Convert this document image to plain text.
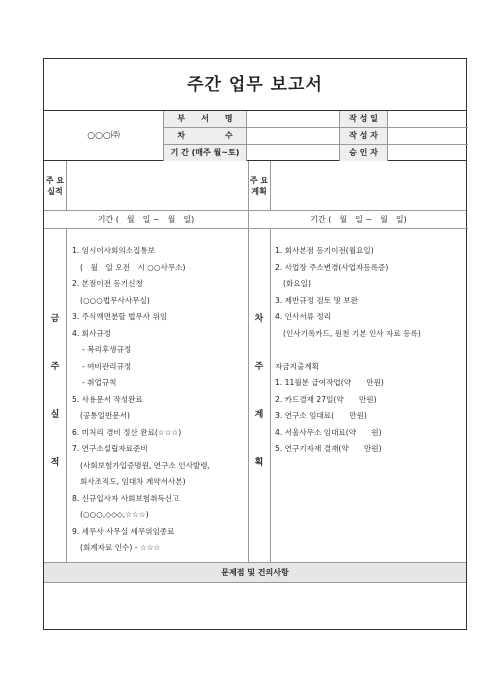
주간 업무 보고서
○○○㈜
부　　서　　명	작 성 일
차　　　　　수	작 성 자
기 간 (매주 월~토)	승 인 자
주 요
실적
주 요
계획
기간 (　월　일 ~　월　일)	기간 (　월　일 ~　월　일)
금
주
실
적
1. 임시이사회의소집통보
(　월　일 오전　시 ○○사무소)
2. 본점이전 등기신청
(○○○법무사사무실)
3. 주식액면분할 법무사 위임
4. 회사규정
- 복리후생규정
- 여비관리규정
- 취업규칙
5. 사용문서 작성완료
(공통일반문서)
6. 미처리 경비 정산 완료(☆☆☆)
7. 연구소설립자료준비
(사회보험가입증명원, 연구소 인사발령,
회사조직도, 임대차 계약서사본)
8. 신규입사자 사회보험취득신고
(○○○,◇◇◇,☆☆☆)
9. 세무사 사무실 세무위임종료
(회계자료 인수) - ☆☆☆
차
주
계
획
1. 회사본점 등기이전(월요일)
2. 사업장 주소변경(사업자등록증)
(화요일)
3. 제반규정 검토 및 보완
4. 인사서류 정리
(인사기록카드, 원천 기본 인사 자료 등록)
자금지출계획
1. 11월분 급여작업(약　　만원)
2. 카드결재 27일(약　　만원)
3. 연구소 임대료(　　만원)
4. 서울사무소 임대료(약　　원)
5. 연구기자재 결재(약　　만원)
문제점 및 건의사항
